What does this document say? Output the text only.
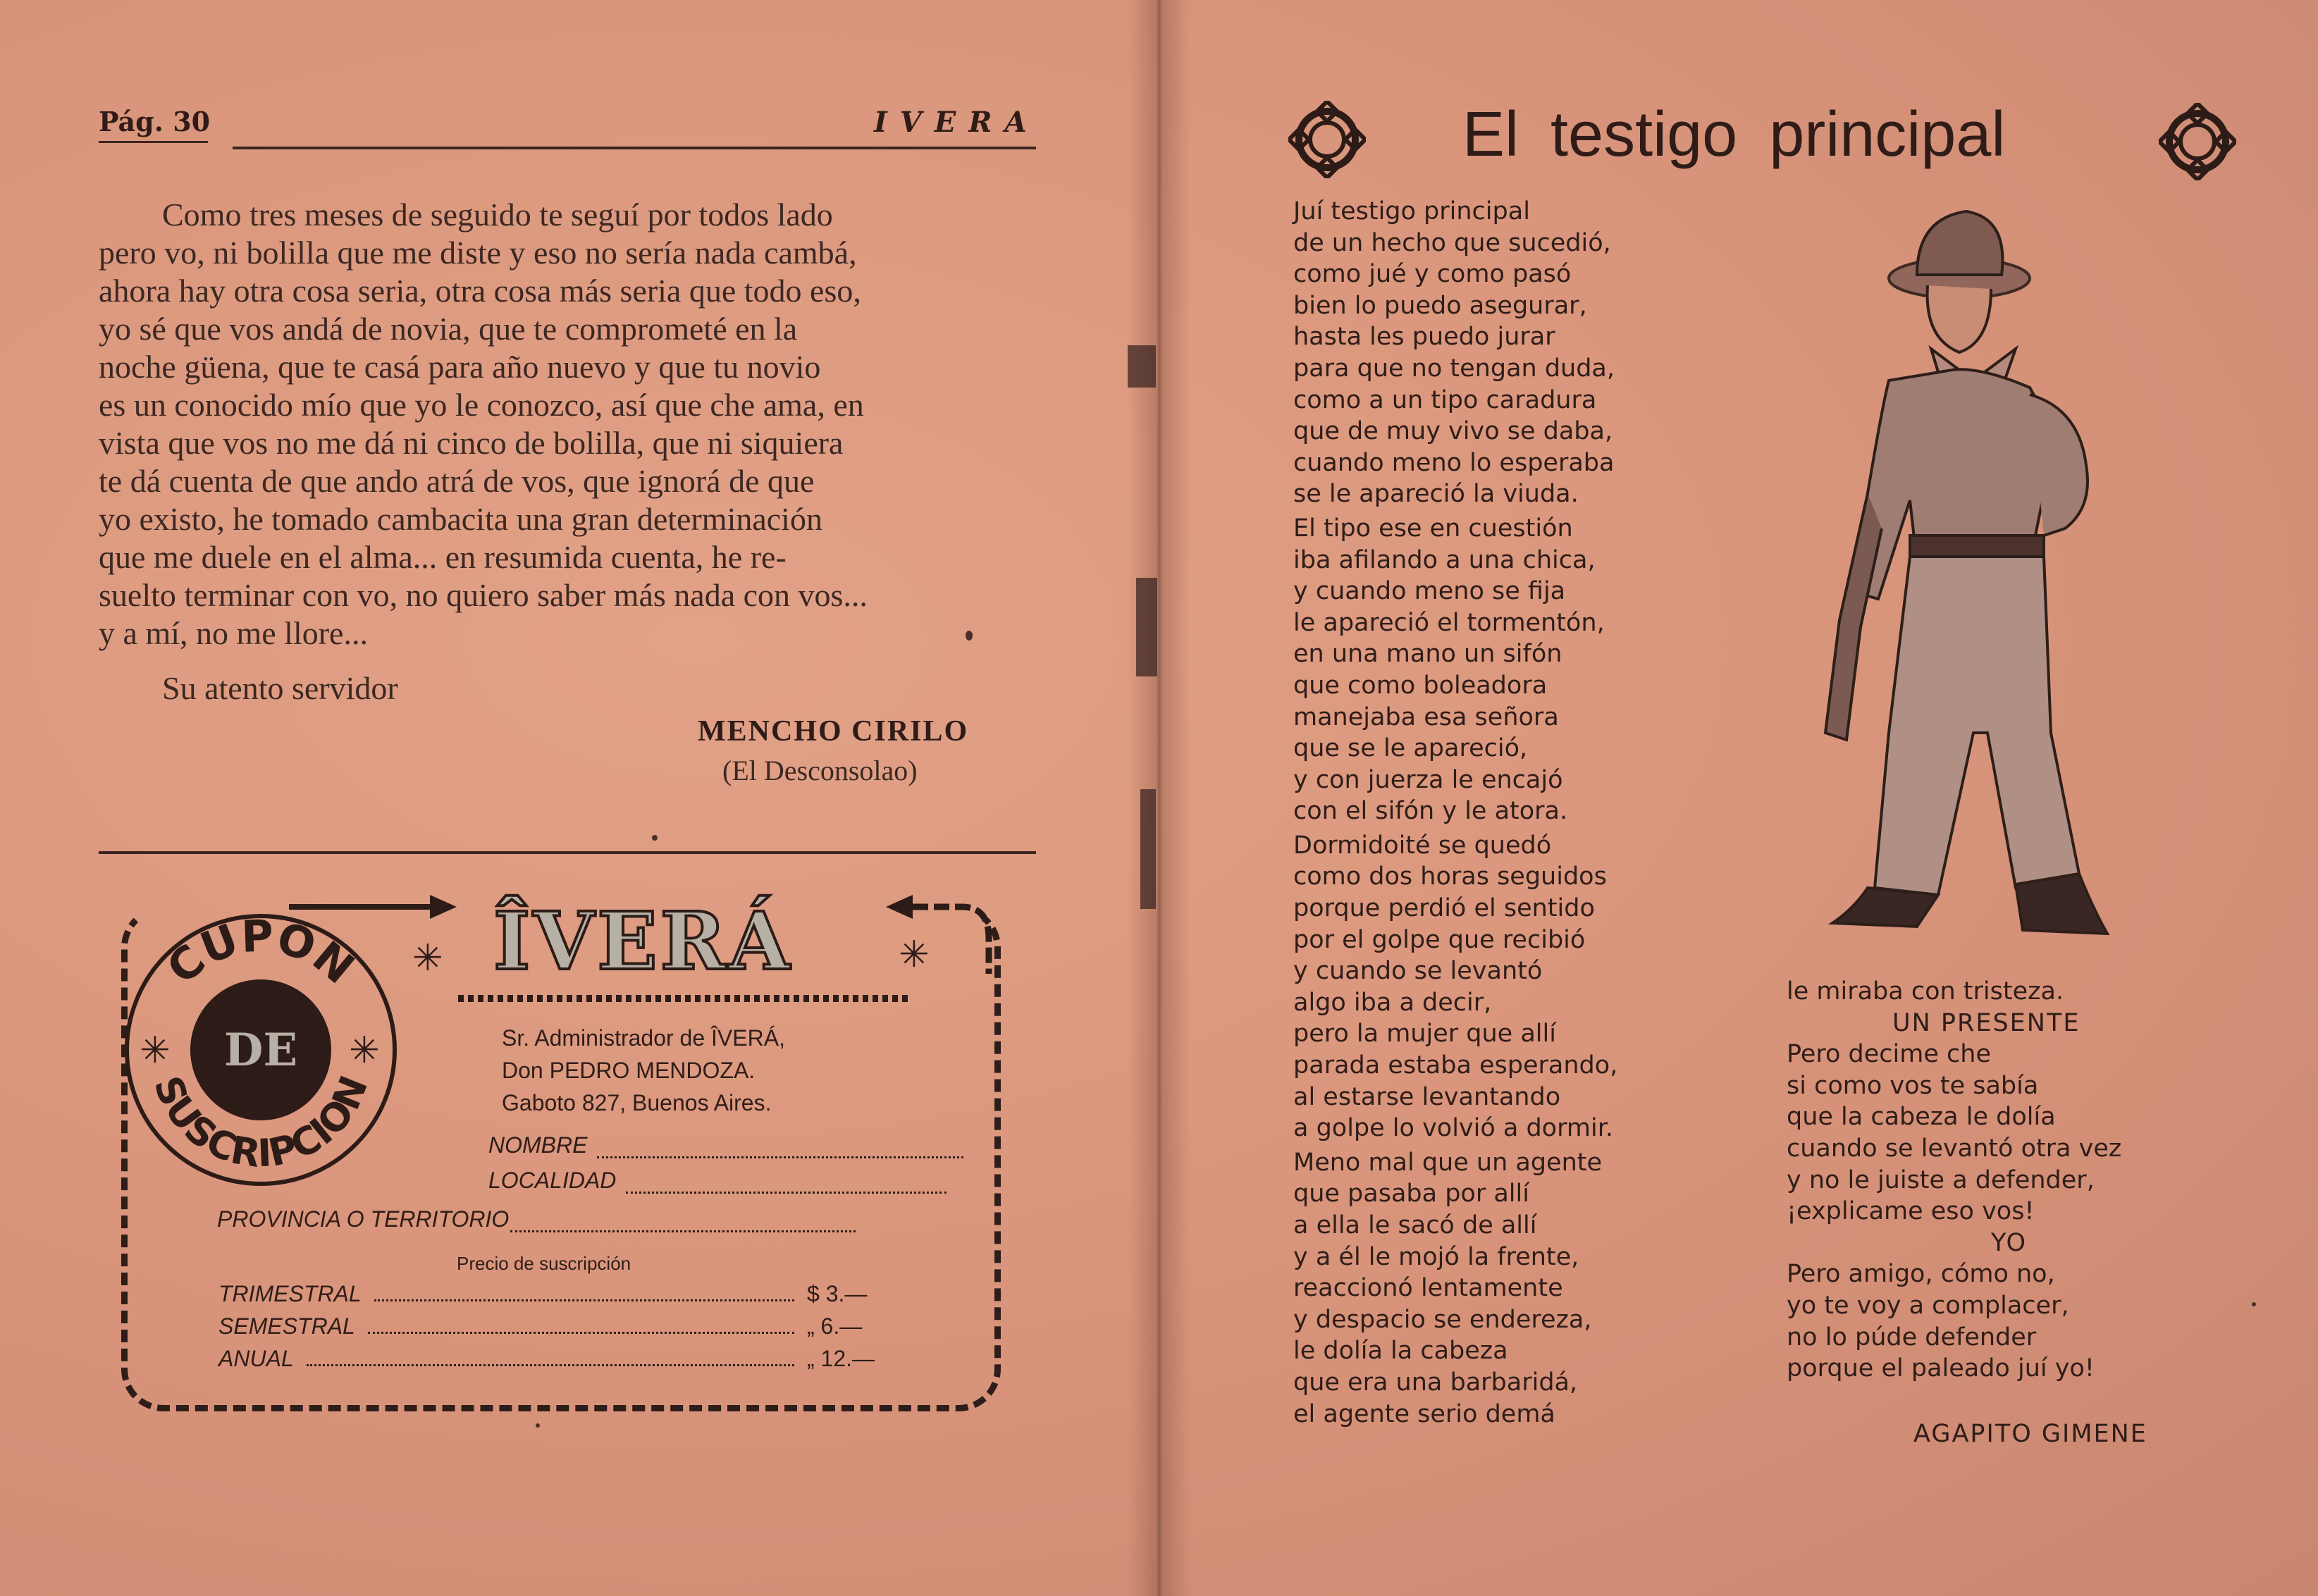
Pág. 30	IVERA
Como tres meses de seguido te seguí por todos lado
pero vo, ni bolilla que me diste y eso no sería nada cambá,
ahora hay otra cosa seria, otra cosa más seria que todo eso,
yo sé que vos andá de novia, que te comprometé en la
noche güena, que te casá para año nuevo y que tu novio
es un conocido mío que yo le conozco, así que che ama, en
vista que vos no me dá ni cinco de bolilla, que ni siquiera
te dá cuenta de que ando atrá de vos, que ignorá de que
yo existo, he tomado cambacita una gran determinación
que me duele en el alma... en resumida cuenta, he re-
suelto terminar con vo, no quiero saber más nada con vos...
y a mí, no me llore...
Su atento servidor
MENCHO CIRILO
(El Desconsolao)
CUPON
SUSCRIPCION
DE
✳	✳
✳	✳
ÎVERÁ
Sr. Administrador de ÎVERÁ,
Don PEDRO MENDOZA.
Gaboto 827, Buenos Aires.
NOMBRE
LOCALIDAD
PROVINCIA O TERRITORIO
Precio de suscripción
TRIMESTRAL	$ 3.—
SEMESTRAL	„ 6.—
ANUAL	„ 12.—
El testigo principal
Juí testigo principal
de un hecho que sucedió,
como jué y como pasó
bien lo puedo asegurar,
hasta les puedo jurar
para que no tengan duda,
como a un tipo caradura
que de muy vivo se daba,
cuando meno lo esperaba
se le apareció la viuda.
El tipo ese en cuestión
iba afilando a una chica,
y cuando meno se fija
le apareció el tormentón,
en una mano un sifón
que como boleadora
manejaba esa señora
que se le apareció,
y con juerza le encajó
con el sifón y le atora.
Dormidoité se quedó
como dos horas seguidos
porque perdió el sentido
por el golpe que recibió
y cuando se levantó
algo iba a decir,
pero la mujer que allí
parada estaba esperando,
al estarse levantando
a golpe lo volvió a dormir.
Meno mal que un agente
que pasaba por allí
a ella le sacó de allí
y a él le mojó la frente,
reaccionó lentamente
y despacio se endereza,
le dolía la cabeza
que era una barbaridá,
el agente serio demá
le miraba con tristeza.
UN PRESENTE
Pero decime che
si como vos te sabía
que la cabeza le dolía
cuando se levantó otra vez
y no le juiste a defender,
¡explicame eso vos!
YO
Pero amigo, cómo no,
yo te voy a complacer,
no lo púde defender
porque el paleado juí yo!
AGAPITO GIMENE
